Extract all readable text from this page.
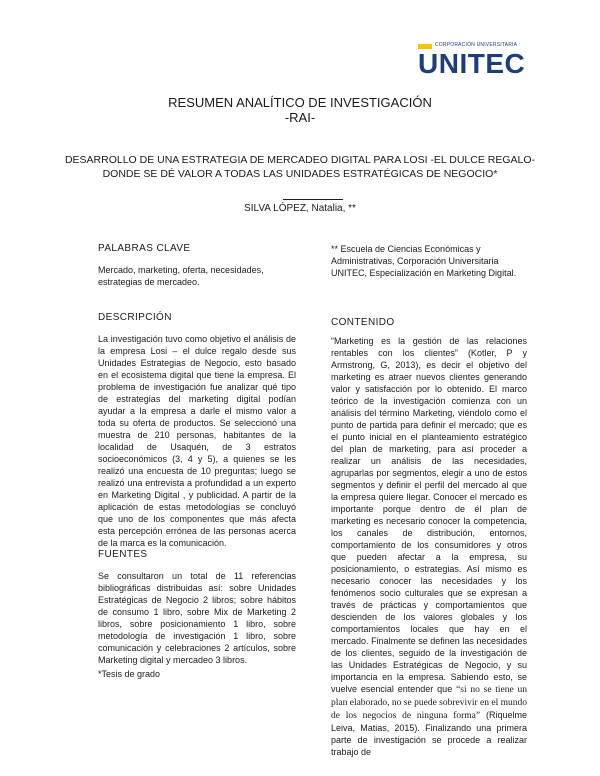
CORPORACIÓN UNIVERSITARIA
UNITEC
RESUMEN ANALÍTICO DE INVESTIGACIÓN
-RAI-
DESARROLLO DE UNA ESTRATEGIA DE MERCADEO DIGITAL PARA LOSI -EL DULCE REGALO- DONDE SE DÉ VALOR A TODAS LAS UNIDADES ESTRATÉGICAS DE NEGOCIO*
SILVA LÓPEZ, Natalia, **
PALABRAS CLAVE
Mercado, marketing, oferta, necesidades, estrategias de mercadeo.
** Escuela de Ciencias Económicas y Administrativas, Corporación Universitaria UNITEC, Especialización en Marketing Digital.
DESCRIPCIÓN
La investigación tuvo como objetivo el análisis de la empresa Losi – el dulce regalo desde sus Unidades Estrategias de Negocio, esto basado en el ecosistema digital que tiene la empresa. El problema de investigación fue analizar qué tipo de estrategias del marketing digital podían ayudar a la empresa a darle el mismo valor a toda su oferta de productos. Se seleccionó una muestra de 210 personas, habitantes de la localidad de Usaquén, de 3 estratos socioeconómicos (3, 4 y 5), a quienes se les realizó una encuesta de 10 preguntas; luego se realizó una entrevista a profundidad a un experto en Marketing Digital , y publicidad. A partir de la aplicación de estas metodologías se concluyó que uno de los componentes que más afecta esta percepción errónea de las personas acerca de la marca es la comunicación.
FUENTES
Se consultaron un total de 11 referencias bibliográficas distribuidas así: sobre Unidades Estratégicas de Negocio 2 libros; sobre hábitos de consumo 1 libro, sobre Mix de Marketing 2 libros, sobre posicionamiento 1 libro, sobre metodología de investigación 1 libro, sobre comunicación y celebraciones 2 artículos, sobre Marketing digital y mercadeo 3 libros.
*Tesis de grado
CONTENIDO
“Marketing es la gestión de las relaciones rentables con los clientes” (Kotler, P y Armstrong, G, 2013), es decir el objetivo del marketing es atraer nuevos clientes generando valor y satisfacción por lo obtenido. El marco teórico de la investigación comienza con un análisis del término Marketing, viéndolo como el punto de partida para definir el mercado; que es el punto inicial en el planteamiento estratégico del plan de marketing, para así proceder a realizar un análisis de las necesidades, agruparlas por segmentos, elegir a uno de estos segmentos y definir el perfil del mercado al que la empresa quiere llegar. Conocer el mercado es importante porque dentro de él plan de marketing es necesario conocer la competencia, los canales de distribución, entornos, comportamiento de los consumidores y otros que pueden afectar a la empresa, su posicionamiento, o estrategias. Así mismo es necesario conocer las necesidades y los fenómenos socio culturales que se expresan a través de prácticas y comportamientos que descienden de los valores globales y los comportamientos locales que hay en el mercado. Finalmente se definen las necesidades de los clientes, seguido de la investigación de las Unidades Estratégicas de Negocio, y su importancia en la empresa. Sabiendo esto, se vuelve esencial entender que “si no se tiene un plan elaborado, no se puede sobrevivir en el mundo de los negocios de ninguna forma” (Riquelme Leiva, Matias, 2015). Finalizando una primera parte de investigación se procede a realizar trabajo de
